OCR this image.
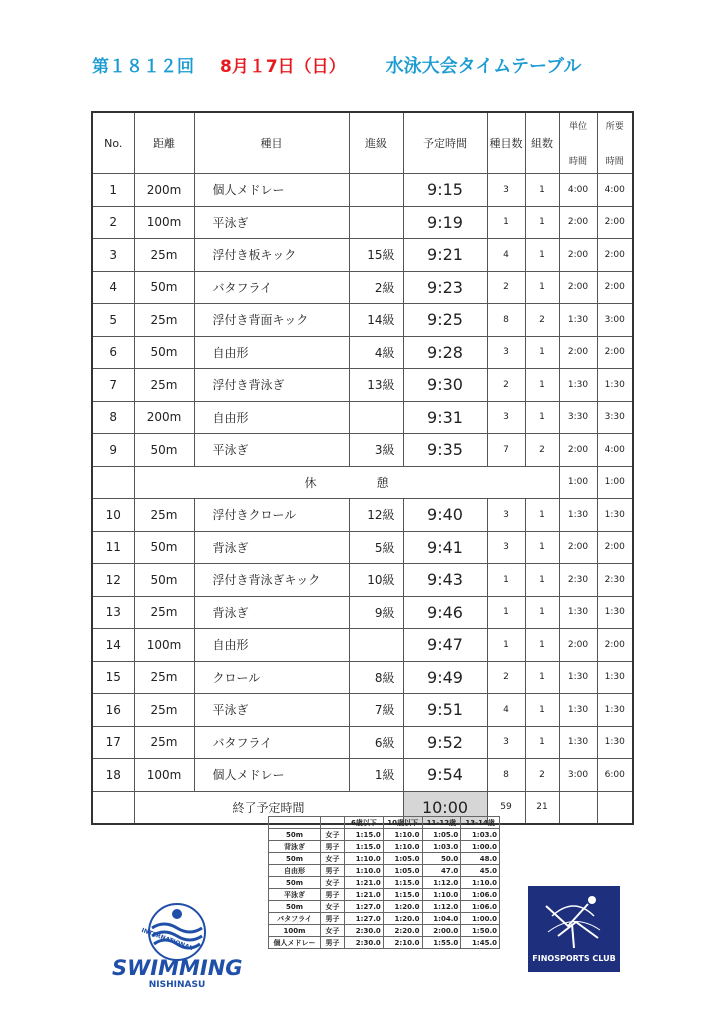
第１８１２回 8月１7日（日） 水泳大会タイムテーブル
No.	距離	種目	進級	予定時間	種目数	組数	単位
時間	所要
時間

1	200m	個人メドレー		9:15	3	1	4:00	4:00
2	100m	平泳ぎ		9:19	1	1	2:00	2:00
3	25m	浮付き板キック	15級	9:21	4	1	2:00	2:00
4	50m	バタフライ	2級	9:23	2	1	2:00	2:00
5	25m	浮付き背面キック	14級	9:25	8	2	1:30	3:00
6	50m	自由形	4級	9:28	3	1	2:00	2:00
7	25m	浮付き背泳ぎ	13級	9:30	2	1	1:30	1:30
8	200m	自由形		9:31	3	1	3:30	3:30
9	50m	平泳ぎ	3級	9:35	7	2	2:00	4:00
	休　　　　　憩						1:00	1:00
10	25m	浮付きクロール	12級	9:40	3	1	1:30	1:30
11	50m	背泳ぎ	5級	9:41	3	1	2:00	2:00
12	50m	浮付き背泳ぎキック	10級	9:43	1	1	2:30	2:30
13	25m	背泳ぎ	9級	9:46	1	1	1:30	1:30
14	100m	自由形		9:47	1	1	2:00	2:00
15	25m	クロール	8級	9:49	2	1	1:30	1:30
16	25m	平泳ぎ	7級	9:51	4	1	1:30	1:30
17	25m	バタフライ	6級	9:52	3	1	1:30	1:30
18	100m	個人メドレー	1級	9:54	8	2	3:00	6:00
	終了予定時間			10:00	59	21		
		6歳以下	10歳以下	11-12歳	13-14歳
50m	女子	1:15.0	1:10.0	1:05.0	1:03.0
背泳ぎ	男子	1:15.0	1:10.0	1:03.0	1:00.0
50m	女子	1:10.0	1:05.0	50.0	48.0
自由形	男子	1:10.0	1:05.0	47.0	45.0
50m	女子	1:21.0	1:15.0	1:12.0	1:10.0
平泳ぎ	男子	1:21.0	1:15.0	1:10.0	1:06.0
50m	女子	1:27.0	1:20.0	1:12.0	1:06.0
バタフライ	男子	1:27.0	1:20.0	1:04.0	1:00.0
100m	女子	2:30.0	2:20.0	2:00.0	1:50.0
個人メドレー	男子	2:30.0	2:10.0	1:55.0	1:45.0
INTERNATIONAL
SWIMMING
NISHINASU
FINOSPORTS CLUB
